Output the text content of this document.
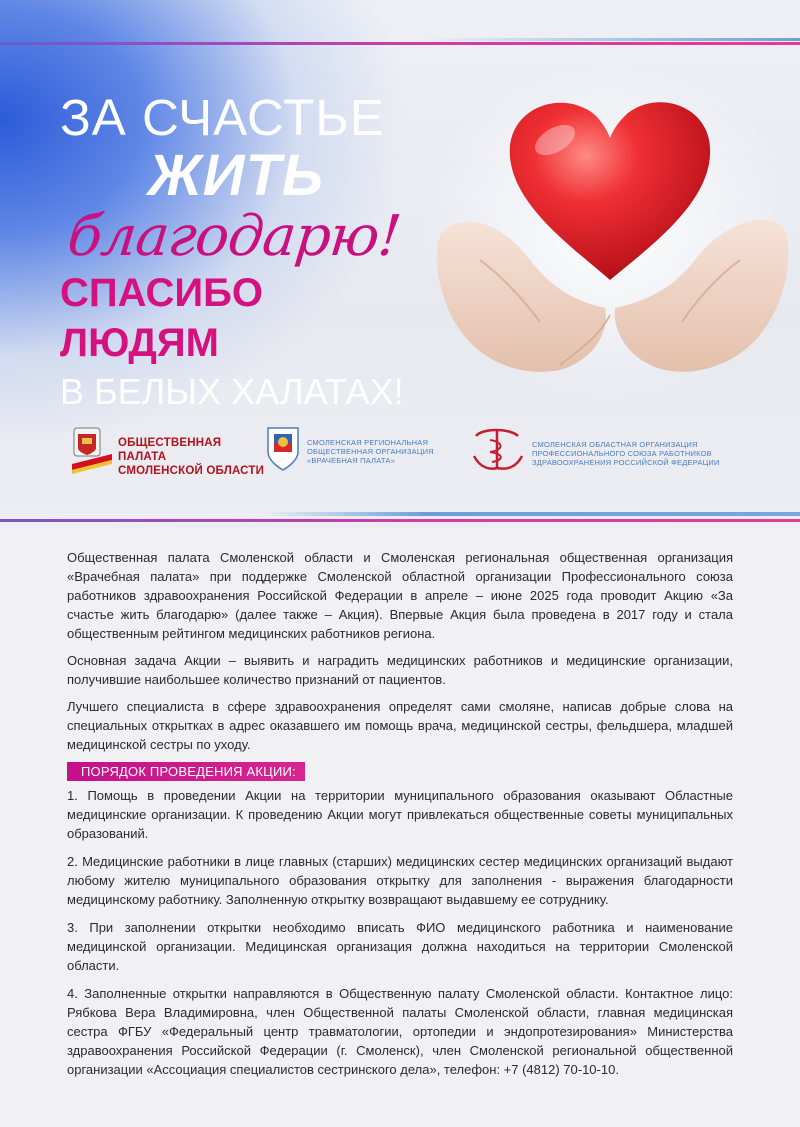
ЗА СЧАСТЬЕ
ЖИТЬ
благодарю!
СПАСИБО ЛЮДЯМ
В БЕЛЫХ ХАЛАТАХ!
ОБЩЕСТВЕННАЯ ПАЛАТА
СМОЛЕНСКОЙ ОБЛАСТИ
СМОЛЕНСКАЯ РЕГИОНАЛЬНАЯ
ОБЩЕСТВЕННАЯ ОРГАНИЗАЦИЯ
«ВРАЧЕБНАЯ ПАЛАТА»
СМОЛЕНСКАЯ ОБЛАСТНАЯ ОРГАНИЗАЦИЯ
ПРОФЕССИОНАЛЬНОГО СОЮЗА РАБОТНИКОВ
ЗДРАВООХРАНЕНИЯ РОССИЙСКОЙ ФЕДЕРАЦИИ

Общественная палата Смоленской области и Смоленская региональная общественная организация «Врачебная палата» при поддержке Смоленской областной организации Профессионального союза работников здравоохранения Российской Федерации в апреле – июне 2025 года проводит Акцию «За счастье жить благодарю» (далее также – Акция). Впервые Акция была проведена в 2017 году и стала общественным рейтингом медицинских работников региона.

Основная задача Акции – выявить и наградить медицинских работников и медицинские организации, получившие наибольшее количество признаний от пациентов.

Лучшего специалиста в сфере здравоохранения определят сами смоляне, написав добрые слова на специальных открытках в адрес оказавшего им помощь врача, медицинской сестры, фельдшера, младшей медицинской сестры по уходу.

ПОРЯДОК ПРОВЕДЕНИЯ АКЦИИ:

1. Помощь в проведении Акции на территории муниципального образования оказывают Областные медицинские организации. К проведению Акции могут привлекаться общественные советы муниципальных образований.

2. Медицинские работники в лице главных (старших) медицинских сестер медицинских организаций выдают любому жителю муниципального образования открытку для заполнения - выражения благодарности медицинскому работнику. Заполненную открытку возвращают выдавшему ее сотруднику.

3. При заполнении открытки необходимо вписать ФИО медицинского работника и наименование медицинской организации. Медицинская организация должна находиться на территории Смоленской области.

4. Заполненные открытки направляются в Общественную палату Смоленской области. Контактное лицо: Рябкова Вера Владимировна, член Общественной палаты Смоленской области, главная медицинская сестра ФГБУ «Федеральный центр травматологии, ортопедии и эндопротезирования» Министерства здравоохранения Российской Федерации (г. Смоленск), член Смоленской региональной общественной организации «Ассоциация специалистов сестринского дела», телефон: +7 (4812) 70-10-10.
